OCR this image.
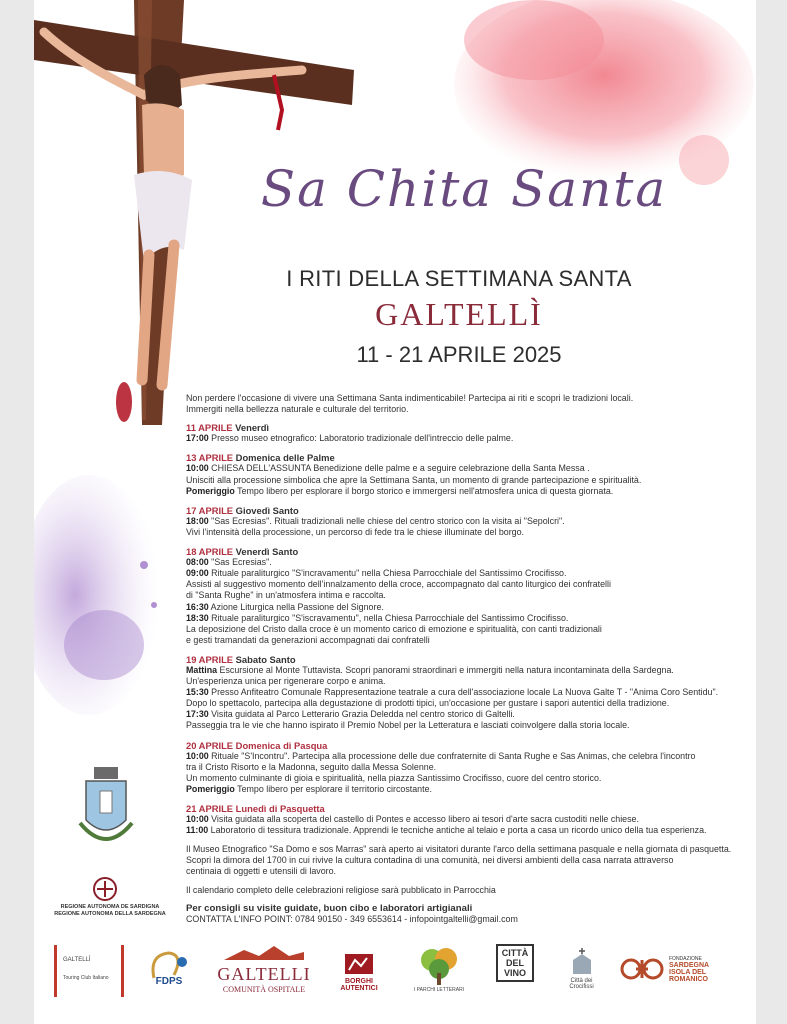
Sa Chita Santa
I RITI DELLA SETTIMANA SANTA
GALTELLÌ
11 - 21 APRILE 2025
Non perdere l'occasione di vivere una Settimana Santa indimenticabile! Partecipa ai riti e scopri le tradizioni locali.
Immergiti nella bellezza naturale e culturale del territorio.
11 APRILE Venerdì
17:00 Presso museo etnografico: Laboratorio tradizionale dell'intreccio delle palme.
13 APRILE Domenica delle Palme
10:00 CHIESA DELL'ASSUNTA Benedizione delle palme e a seguire celebrazione della Santa Messa .
Unisciti alla processione simbolica che apre la Settimana Santa, un momento di grande partecipazione e spiritualità.
Pomeriggio Tempo libero per esplorare il borgo storico e immergersi nell'atmosfera unica di questa giornata.
17 APRILE Giovedì Santo
18:00 "Sas Ecresias". Rituali tradizionali nelle chiese del centro storico con la visita ai "Sepolcri".
Vivi l'intensità della processione, un percorso di fede tra le chiese illuminate del borgo.
18 APRILE Venerdì Santo
08:00 "Sas Ecresias".
09:00 Rituale paraliturgico "S'incravamentu" nella Chiesa Parrocchiale del Santissimo Crocifisso.
Assisti al suggestivo momento dell'innalzamento della croce, accompagnato dal canto liturgico dei confratelli
di "Santa Rughe" in un'atmosfera intima e raccolta.
16:30 Azione Liturgica nella Passione del Signore.
18:30 Rituale paraliturgico "S'iscravamentu", nella Chiesa Parrocchiale del Santissimo Crocifisso.
La deposizione del Cristo dalla croce è un momento carico di emozione e spiritualità, con canti tradizionali
e gesti tramandati da generazioni accompagnati dai confratelli
19 APRILE Sabato Santo
Mattina Escursione al Monte Tuttavista. Scopri panorami straordinari e immergiti nella natura incontaminata della Sardegna.
Un'esperienza unica per rigenerare corpo e anima.
15:30 Presso Anfiteatro Comunale Rappresentazione teatrale a cura dell'associazione locale La Nuova Galte T - "Anima Coro Sentidu".
Dopo lo spettacolo, partecipa alla degustazione di prodotti tipici, un'occasione per gustare i sapori autentici della tradizione.
17:30 Visita guidata al Parco Letterario Grazia Deledda nel centro storico di Galtelli.
Passeggia tra le vie che hanno ispirato il Premio Nobel per la Letteratura e lasciati coinvolgere dalla storia locale.
20 APRILE Domenica di Pasqua
10:00 Rituale "S'Incontru". Partecipa alla processione delle due confraternite di Santa Rughe e Sas Animas, che celebra l'incontro
tra il Cristo Risorto e la Madonna, seguito dalla Messa Solenne.
Un momento culminante di gioia e spiritualità, nella piazza Santissimo Crocifisso, cuore del centro storico.
Pomeriggio Tempo libero per esplorare il territorio circostante.
21 APRILE Lunedì di Pasquetta
10:00 Visita guidata alla scoperta del castello di Pontes e accesso libero ai tesori d'arte sacra custoditi nelle chiese.
11:00 Laboratorio di tessitura tradizionale. Apprendi le tecniche antiche al telaio e porta a casa un ricordo unico della tua esperienza.
Il Museo Etnografico "Sa Domo e sos Marras" sarà aperto ai visitatori durante l'arco della settimana pasquale e nella giornata di pasquetta.
Scopri la dimora del 1700 in cui rivive la cultura contadina di una comunità, nei diversi ambienti della casa narrata attraverso
centinaia di oggetti e utensili di lavoro.
Il calendario completo delle celebrazioni religiose sarà pubblicato in Parrocchia
Per consigli su visite guidate, buon cibo e laboratori artigianali
CONTATTA L'INFO POINT: 0784 90150 - 349 6553614 - infopointgaltelli@gmail.com
REGIONE AUTONOMA DE SARDIGNA
REGIONE AUTONOMA DELLA SARDEGNA
GALTELLÌ
Touring Club Italiano	FDPS	GALTELLI
COMUNITÀ OSPITALE
BORGHI
AUTENTICI	I PARCHI LETTERARI
CITTÀ
DEL
VINO
Città dei
Crocifissi
FONDAZIONE
SARDEGNA
ISOLA DEL
ROMANICO
